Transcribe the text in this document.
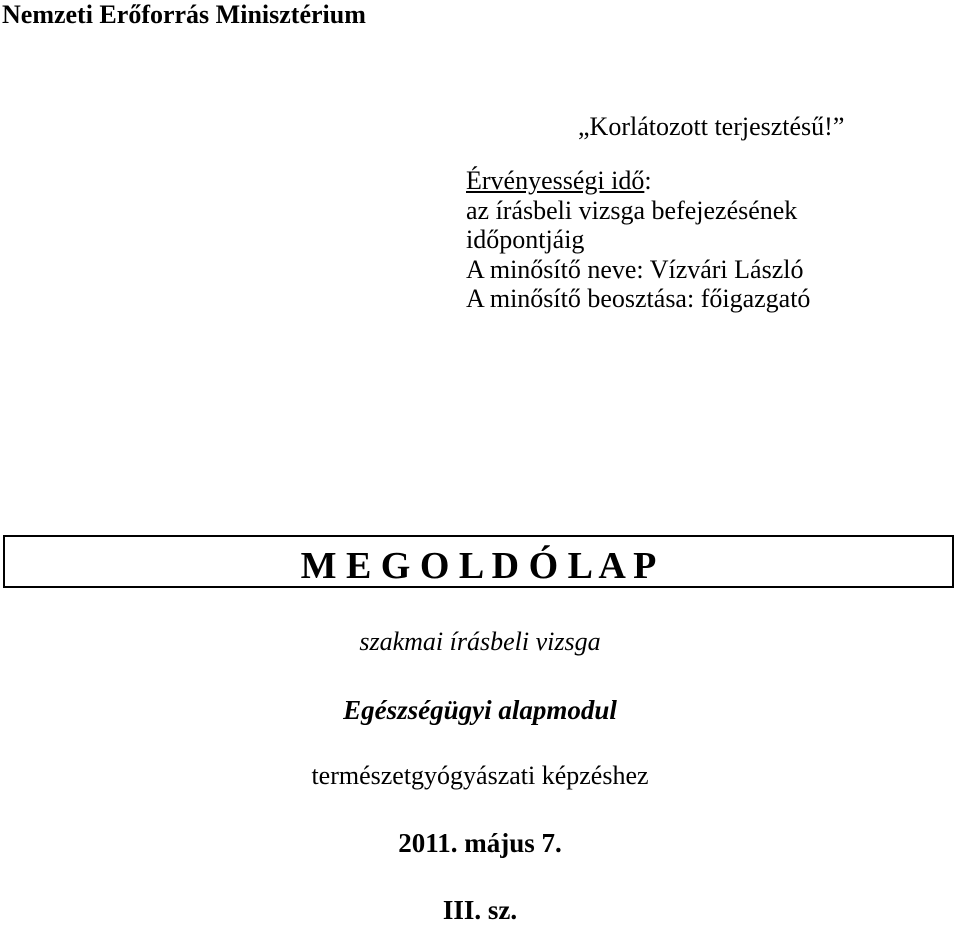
Nemzeti Erőforrás Minisztérium
„Korlátozott terjesztésű!”
Érvényességi idő:
az írásbeli vizsga befejezésének
időpontjáig
A minősítő neve: Vízvári László
A minősítő beosztása: főigazgató
M E G O L D Ó L A P
szakmai írásbeli vizsga
Egészségügyi alapmodul
természetgyógyászati képzéshez
2011. május 7.
III. sz.
